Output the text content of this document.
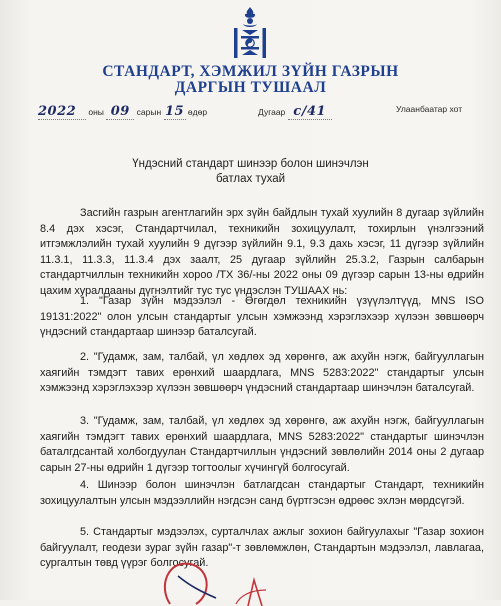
СТАНДАРТ, ХЭМЖИЛ ЗҮЙН ГАЗРЫН
ДАРГЫН ТУШААЛ
2022 оны 09 сарын 15 өдөр	Дугаар с/41	Улаанбаатар хот
Үндэсний стандарт шинээр болон шинэчлэн
батлах тухай
Засгийн газрын агентлагийн эрх зүйн байдлын тухай хуулийн 8 дугаар зүйлийн 8.4 дэх хэсэг, Стандартчилал, техникийн зохицуулалт, тохирлын үнэлгээний итгэмжлэлийн тухай хуулийн 9 дүгээр зүйлийн 9.1, 9.3 дахь хэсэг, 11 дүгээр зүйлийн 11.3.1, 11.3.3, 11.3.4 дэх заалт, 25 дугаар зүйлийн 25.3.2, Газрын салбарын стандартчиллын техникийн хороо /ТХ 36/-ны 2022 оны 09 дүгээр сарын 13-ны өдрийн цахим хуралдааны дүгнэлтийг тус тус үндэслэн ТУШААХ нь:
1. "Газар зүйн мэдээлэл - Өгөгдөл техникийн үзүүлэлтүүд, MNS ISO 19131:2022" олон улсын стандартыг улсын хэмжээнд хэрэглэхээр хүлээн зөвшөөрч үндэсний стандартаар шинээр баталсугай.
2. "Гудамж, зам, талбай, үл хөдлөх эд хөрөнгө, аж ахуйн нэгж, байгууллагын хаягийн тэмдэгт тавих ерөнхий шаардлага, MNS 5283:2022" стандартыг улсын хэмжээнд хэрэглэхээр хүлээн зөвшөөрч үндэсний стандартаар шинэчлэн баталсугай.
3. "Гудамж, зам, талбай, үл хөдлөх эд хөрөнгө, аж ахуйн нэгж, байгууллагын хаягийн тэмдэгт тавих ерөнхий шаардлага, MNS 5283:2022" стандартыг шинэчлэн баталгдсантай холбогдуулан Стандартчиллын үндэсний зөвлөлийн 2014 оны 2 дугаар сарын 27-ны өдрийн 1 дүгээр тогтоолыг хүчингүй болгосугай.
4. Шинээр болон шинэчлэн батлагдсан стандартыг Стандарт, техникийн зохицуулалтын улсын мэдээллийн нэгдсэн санд бүртгэсэн өдрөөс эхлэн мөрдсүгэй.
5. Стандартыг мэдээлэх, сурталчлах ажлыг зохион байгуулахыг "Газар зохион байгуулалт, геодези зураг зүйн газар"-т зөвлөмжлөн, Стандартын мэдээлэл, лавлагаа, сургалтын төвд үүрэг болгосугай.
